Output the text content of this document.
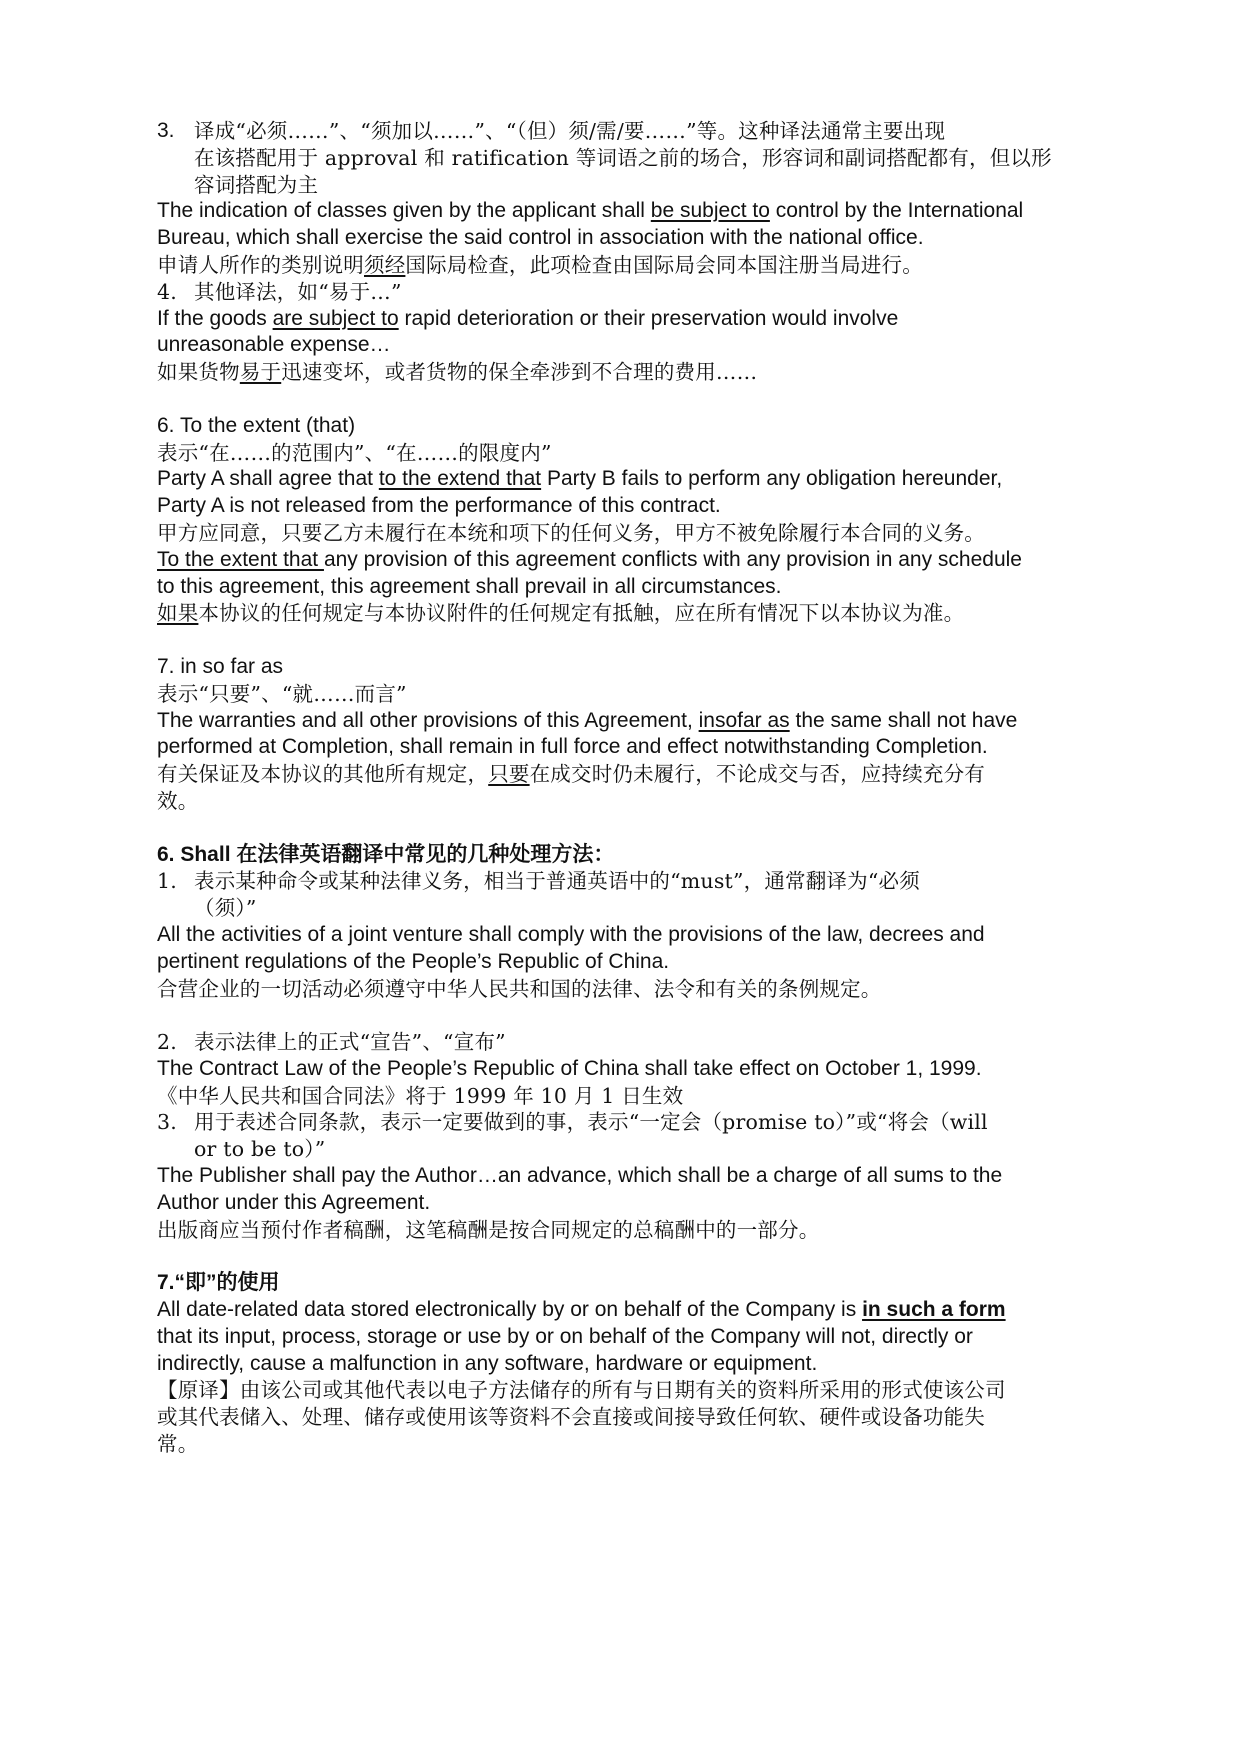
3. 译成“必须……”、“须加以……”、“（但）须/需/要……”等。这种译法通常主要出现
在该搭配用于 approval 和 ratification 等词语之前的场合，形容词和副词搭配都有，但以形
容词搭配为主
The indication of classes given by the applicant shall be subject to control by the International
Bureau, which shall exercise the said control in association with the national office.
申请人所作的类别说明须经国际局检查，此项检查由国际局会同本国注册当局进行。
4. 其他译法，如“易于…”
If the goods are subject to rapid deterioration or their preservation would involve
unreasonable expense…
如果货物易于迅速变坏，或者货物的保全牵涉到不合理的费用……
6. To the extent (that)
表示“在……的范围内”、“在……的限度内”
Party A shall agree that to the extend that Party B fails to perform any obligation hereunder,
Party A is not released from the performance of this contract.
甲方应同意，只要乙方未履行在本统和项下的任何义务，甲方不被免除履行本合同的义务。
To the extent that any provision of this agreement conflicts with any provision in any schedule
to this agreement, this agreement shall prevail in all circumstances.
如果本协议的任何规定与本协议附件的任何规定有抵触，应在所有情况下以本协议为准。
7. in so far as
表示“只要”、“就……而言”
The warranties and all other provisions of this Agreement, insofar as the same shall not have
performed at Completion, shall remain in full force and effect notwithstanding Completion.
有关保证及本协议的其他所有规定，只要在成交时仍未履行，不论成交与否，应持续充分有
效。
6. Shall 在法律英语翻译中常见的几种处理方法：
1. 表示某种命令或某种法律义务，相当于普通英语中的“must”，通常翻译为“必须
（须）”
All the activities of a joint venture shall comply with the provisions of the law, decrees and
pertinent regulations of the People’s Republic of China.
合营企业的一切活动必须遵守中华人民共和国的法律、法令和有关的条例规定。
2. 表示法律上的正式“宣告”、“宣布”
The Contract Law of the People’s Republic of China shall take effect on October 1, 1999.
《中华人民共和国合同法》将于 1999 年 10 月 1 日生效
3. 用于表述合同条款，表示一定要做到的事，表示“一定会（promise to）”或“将会（will
or to be to）”
The Publisher shall pay the Author…an advance, which shall be a charge of all sums to the
Author under this Agreement.
出版商应当预付作者稿酬，这笔稿酬是按合同规定的总稿酬中的一部分。
7.“即”的使用
All date-related data stored electronically by or on behalf of the Company is in such a form
that its input, process, storage or use by or on behalf of the Company will not, directly or
indirectly, cause a malfunction in any software, hardware or equipment.
【原译】由该公司或其他代表以电子方法储存的所有与日期有关的资料所采用的形式使该公司
或其代表储入、处理、储存或使用该等资料不会直接或间接导致任何软、硬件或设备功能失
常。
